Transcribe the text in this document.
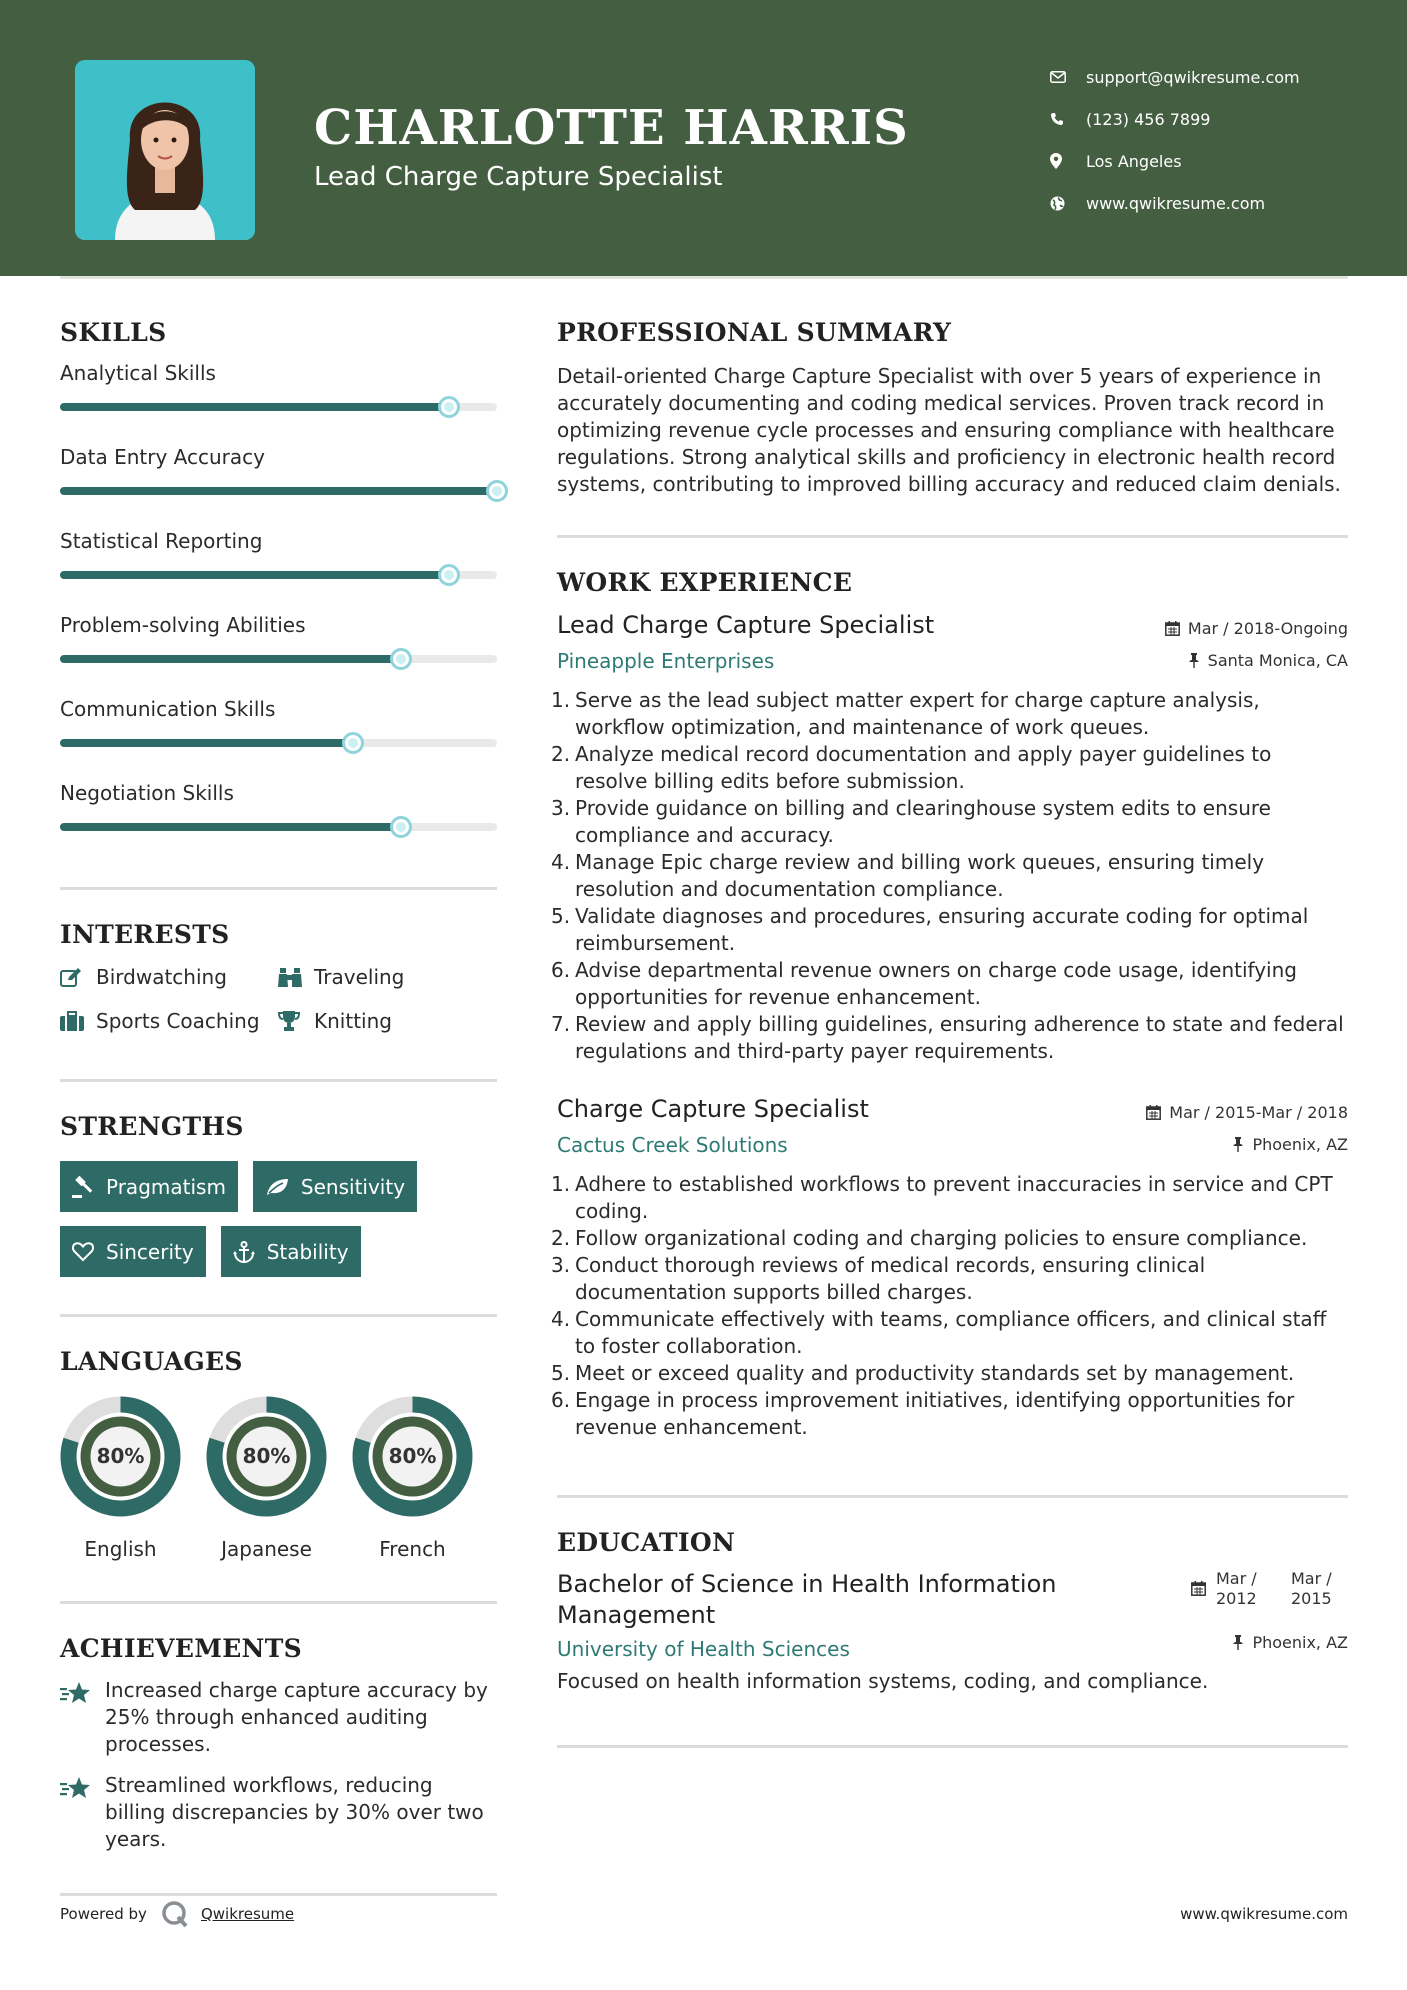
CHARLOTTE HARRIS
Lead Charge Capture Specialist
support@qwikresume.com
(123) 456 7899
Los Angeles
www.qwikresume.com
SKILLS
Analytical Skills
Data Entry Accuracy
Statistical Reporting
Problem-solving Abilities
Communication Skills
Negotiation Skills
INTERESTS
Birdwatching	Traveling
Sports Coaching	Knitting
STRENGTHS
Pragmatism	Sensitivity
Sincerity	Stability
LANGUAGES
80%
English
80%
Japanese
80%
French
ACHIEVEMENTS
Increased charge capture accuracy by 25% through enhanced auditing processes.
Streamlined workflows, reducing billing discrepancies by 30% over two years.
PROFESSIONAL SUMMARY
Detail-oriented Charge Capture Specialist with over 5 years of experience in accurately documenting and coding medical services. Proven track record in optimizing revenue cycle processes and ensuring compliance with healthcare regulations. Strong analytical skills and proficiency in electronic health record systems, contributing to improved billing accuracy and reduced claim denials.
WORK EXPERIENCE
Mar / 2018-Ongoing
Santa Monica, CA
Lead Charge Capture Specialist
Pineapple Enterprises
1. Serve as the lead subject matter expert for charge capture analysis, workflow optimization, and maintenance of work queues.
2. Analyze medical record documentation and apply payer guidelines to resolve billing edits before submission.
3. Provide guidance on billing and clearinghouse system edits to ensure compliance and accuracy.
4. Manage Epic charge review and billing work queues, ensuring timely resolution and documentation compliance.
5. Validate diagnoses and procedures, ensuring accurate coding for optimal reimbursement.
6. Advise departmental revenue owners on charge code usage, identifying opportunities for revenue enhancement.
7. Review and apply billing guidelines, ensuring adherence to state and federal regulations and third-party payer requirements.
Mar / 2015-Mar / 2018
Phoenix, AZ
Charge Capture Specialist
Cactus Creek Solutions
1. Adhere to established workflows to prevent inaccuracies in service and CPT coding.
2. Follow organizational coding and charging policies to ensure compliance.
3. Conduct thorough reviews of medical records, ensuring clinical documentation supports billed charges.
4. Communicate effectively with teams, compliance officers, and clinical staff to foster collaboration.
5. Meet or exceed quality and productivity standards set by management.
6. Engage in process improvement initiatives, identifying opportunities for revenue enhancement.
EDUCATION
Mar /
2012
Mar /
2015
Phoenix, AZ
Bachelor of Science in Health Information
Management
University of Health Sciences
Focused on health information systems, coding, and compliance.
Powered by	Qwikresume	www.qwikresume.com
